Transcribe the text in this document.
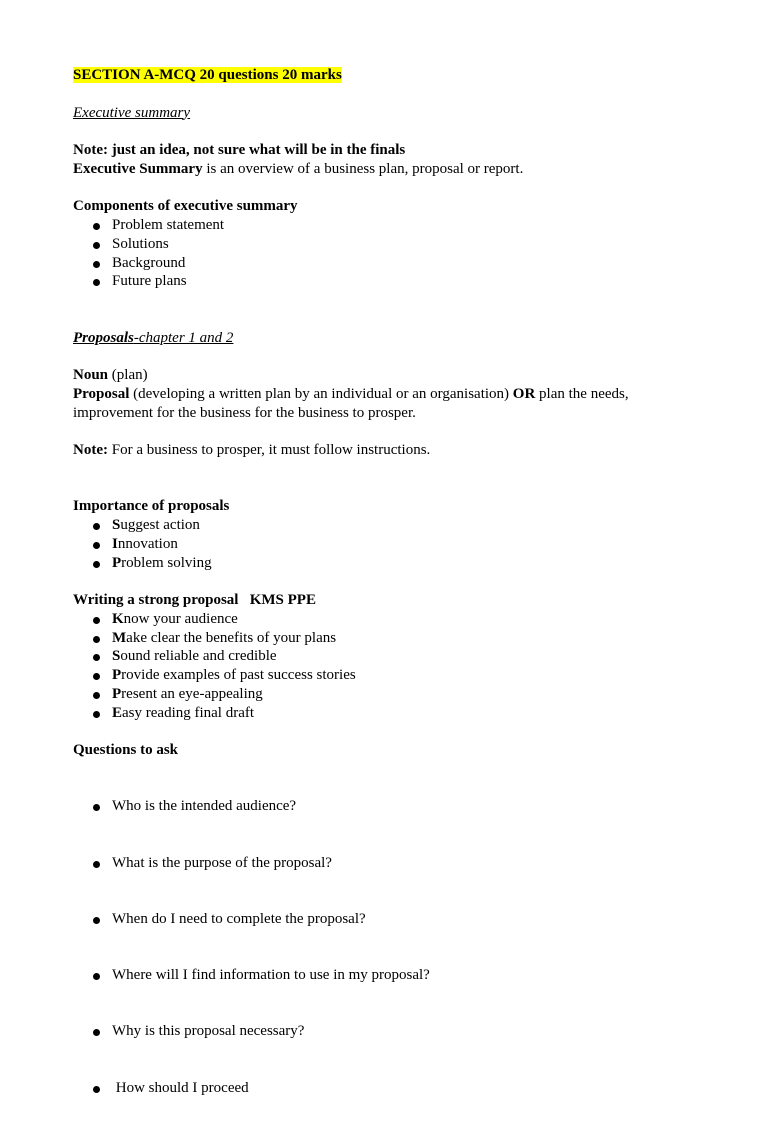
SECTION A-MCQ 20 questions 20 marks
Executive summary
Note: just an idea, not sure what will be in the finals
Executive Summary is an overview of a business plan, proposal or report.
Components of executive summary
Problem statement
Solutions
Background
Future plans
Proposals-chapter 1 and 2
Noun (plan)
Proposal (developing a written plan by an individual or an organisation) OR plan the needs,
improvement for the business for the business to prosper.
Note: For a business to prosper, it must follow instructions.
Importance of proposals
Suggest action
Innovation
Problem solving
Writing a strong proposal   KMS PPE
Know your audience
Make clear the benefits of your plans
Sound reliable and credible
Provide examples of past success stories
Present an eye-appealing
Easy reading final draft
Questions to ask

Who is the intended audience?

What is the purpose of the proposal?

When do I need to complete the proposal?

Where will I find information to use in my proposal?

Why is this proposal necessary?

How should I proceed
